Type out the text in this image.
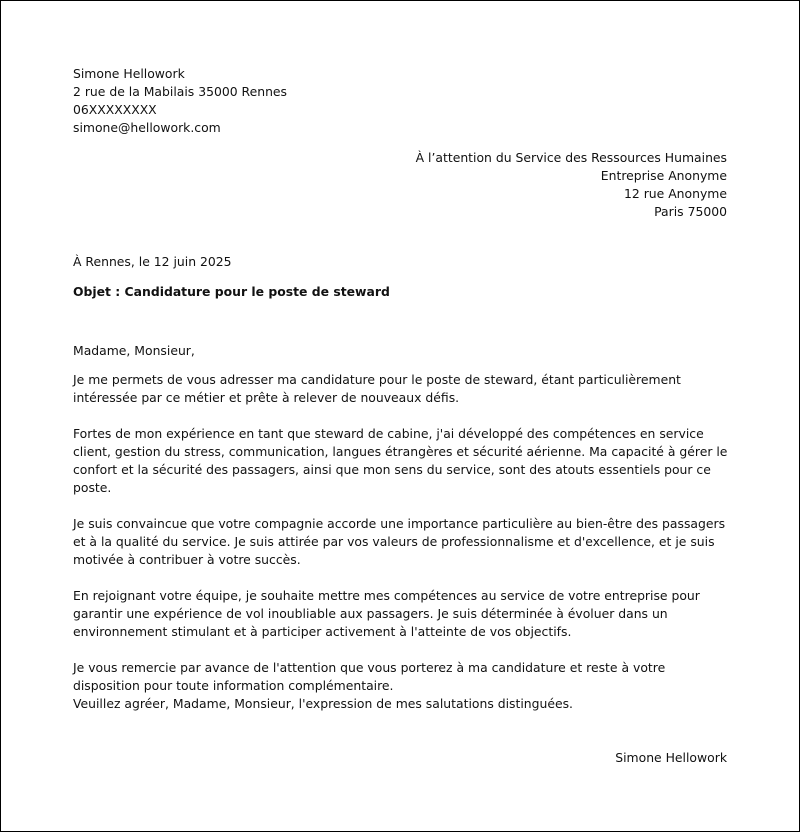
Simone Hellowork
2 rue de la Mabilais 35000 Rennes
06XXXXXXXX
simone@hellowork.com
À l’attention du Service des Ressources Humaines
Entreprise Anonyme
12 rue Anonyme
Paris 75000
À Rennes, le 12 juin 2025
Objet : Candidature pour le poste de steward
Madame, Monsieur,

Je me permets de vous adresser ma candidature pour le poste de steward, étant particulièrement intéressée par ce métier et prête à relever de nouveaux défis.

Fortes de mon expérience en tant que steward de cabine, j'ai développé des compétences en service client, gestion du stress, communication, langues étrangères et sécurité aérienne. Ma capacité à gérer le confort et la sécurité des passagers, ainsi que mon sens du service, sont des atouts essentiels pour ce poste.

Je suis convaincue que votre compagnie accorde une importance particulière au bien-être des passagers et à la qualité du service. Je suis attirée par vos valeurs de professionnalisme et d'excellence, et je suis motivée à contribuer à votre succès.

En rejoignant votre équipe, je souhaite mettre mes compétences au service de votre entreprise pour garantir une expérience de vol inoubliable aux passagers. Je suis déterminée à évoluer dans un environnement stimulant et à participer activement à l'atteinte de vos objectifs.

Je vous remercie par avance de l'attention que vous porterez à ma candidature et reste à votre disposition pour toute information complémentaire.

Veuillez agréer, Madame, Monsieur, l'expression de mes salutations distinguées.
Simone Hellowork
